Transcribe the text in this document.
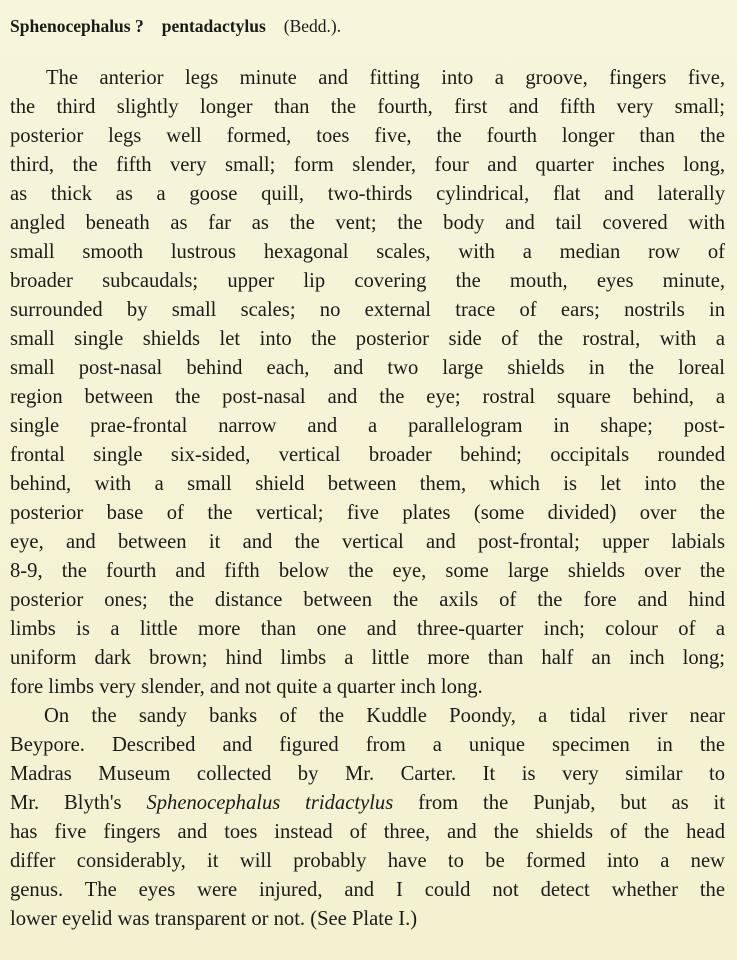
Sphenocephalus ? pentadactylus (Bedd.).
The anterior legs minute and fitting into a groove, fingers five,
the third slightly longer than the fourth, first and fifth very small;
posterior legs well formed, toes five, the fourth longer than the
third, the fifth very small; form slender, four and quarter inches long,
as thick as a goose quill, two-thirds cylindrical, flat and laterally
angled beneath as far as the vent; the body and tail covered with
small smooth lustrous hexagonal scales, with a median row of
broader subcaudals; upper lip covering the mouth, eyes minute,
surrounded by small scales; no external trace of ears; nostrils in
small single shields let into the posterior side of the rostral, with a
small post-nasal behind each, and two large shields in the loreal
region between the post-nasal and the eye; rostral square behind, a
single prae-frontal narrow and a parallelogram in shape; post-
frontal single six-sided, vertical broader behind; occipitals rounded
behind, with a small shield between them, which is let into the
posterior base of the vertical; five plates (some divided) over the
eye, and between it and the vertical and post-frontal; upper labials
8-9, the fourth and fifth below the eye, some large shields over the
posterior ones; the distance between the axils of the fore and hind
limbs is a little more than one and three-quarter inch; colour of a
uniform dark brown; hind limbs a little more than half an inch long;
fore limbs very slender, and not quite a quarter inch long.
On the sandy banks of the Kuddle Poondy, a tidal river near
Beypore. Described and figured from a unique specimen in the
Madras Museum collected by Mr. Carter. It is very similar to
Mr. Blyth's Sphenocephalus tridactylus from the Punjab, but as it
has five fingers and toes instead of three, and the shields of the head
differ considerably, it will probably have to be formed into a new
genus. The eyes were injured, and I could not detect whether the
lower eyelid was transparent or not. (See Plate I.)
